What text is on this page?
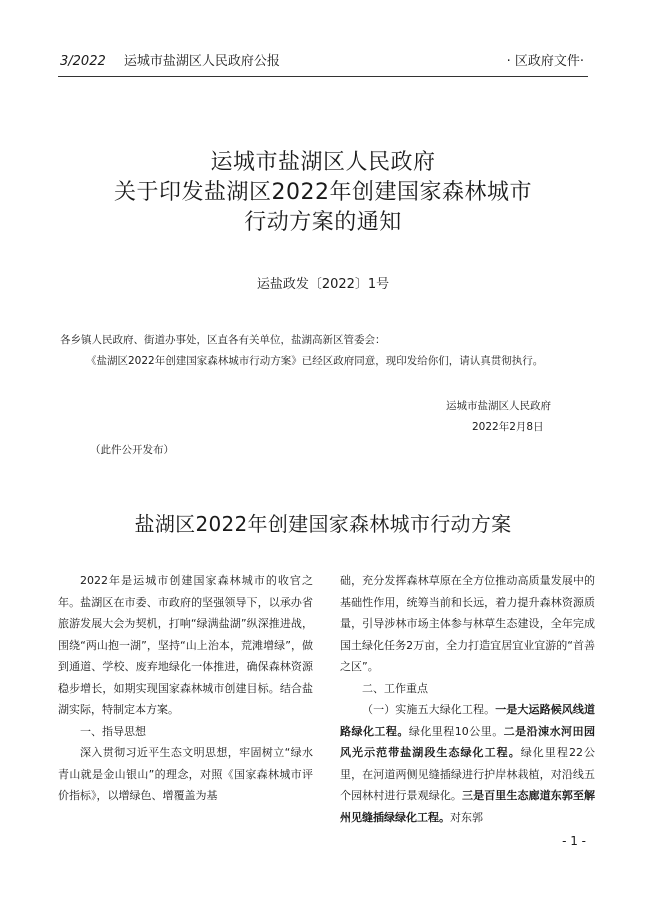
3/2022 运城市盐湖区人民政府公报	· 区政府文件·
运城市盐湖区人民政府
关于印发盐湖区2022年创建国家森林城市
行动方案的通知
运盐政发〔2022〕1号
各乡镇人民政府、街道办事处，区直各有关单位，盐湖高新区管委会：
《盐湖区2022年创建国家森林城市行动方案》已经区政府同意，现印发给你们，请认真贯彻执行。
运城市盐湖区人民政府
2022年2月8日
（此件公开发布）
盐湖区2022年创建国家森林城市行动方案

2022年是运城市创建国家森林城市的收官之年。盐湖区在市委、市政府的坚强领导下，以承办省旅游发展大会为契机，打响“绿满盐湖”纵深推进战，围绕“两山抱一湖”，坚持“山上治本，荒滩增绿”，做到通道、学校、废弃地绿化一体推进，确保森林资源稳步增长，如期实现国家森林城市创建目标。结合盐湖实际，特制定本方案。

一、指导思想

深入贯彻习近平生态文明思想，牢固树立“绿水青山就是金山银山”的理念，对照《国家森林城市评价指标》，以增绿色、增覆盖为基

础，充分发挥森林草原在全方位推动高质量发展中的基础性作用，统筹当前和长远，着力提升森林资源质量，引导涉林市场主体参与林草生态建设，全年完成国土绿化任务2万亩，全力打造宜居宜业宜游的“首善之区”。

二、工作重点

（一）实施五大绿化工程。一是大运路候风线道路绿化工程。绿化里程10公里。二是沿涑水河田园风光示范带盐湖段生态绿化工程。绿化里程22公里，在河道两侧见缝插绿进行护岸林栽植，对沿线五个园林村进行景观绿化。三是百里生态廊道东郭至解州见缝插绿绿化工程。对东郭

- 1 -
